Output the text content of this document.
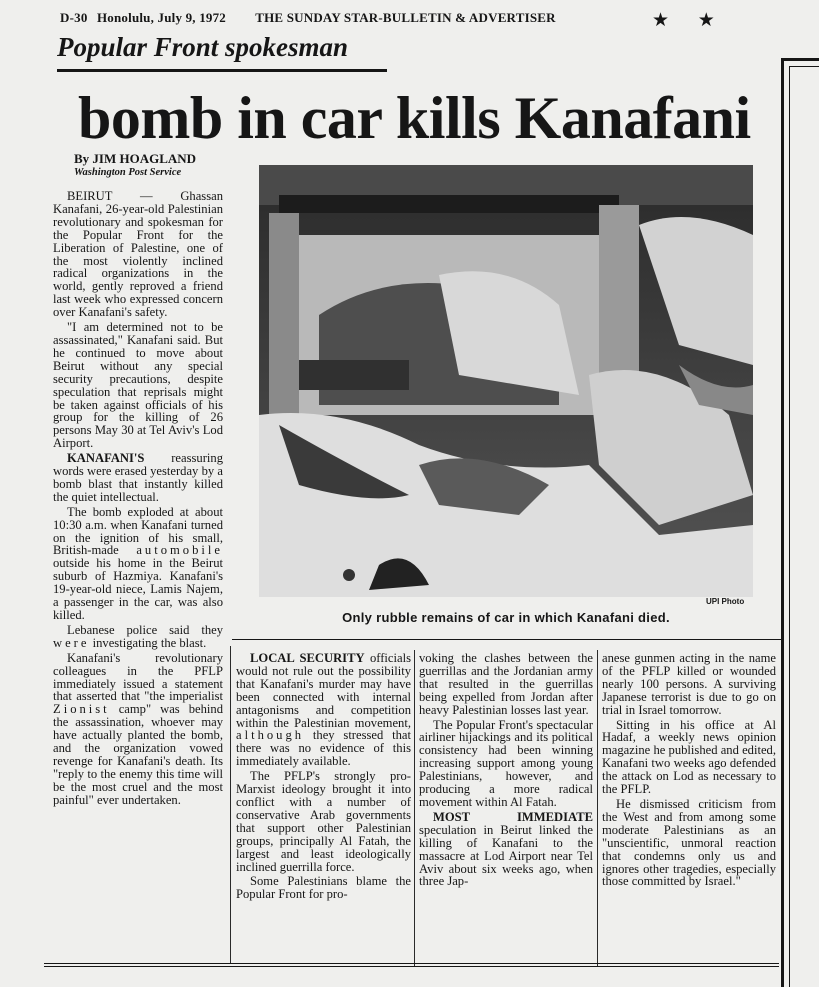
D-30 Honolulu, July 9, 1972 THE SUNDAY STAR-BULLETIN & ADVERTISER	★ ★
Popular Front spokesman
bomb in car kills Kanafani
By JIM HOAGLAND
Washington Post Service

BEIRUT — Ghassan Kanafani, 26-year-old Palestinian revolutionary and spokesman for the Popular Front for the Liberation of Palestine, one of the most violently inclined radical organizations in the world, gently reproved a friend last week who expressed concern over Kanafani's safety.

"I am determined not to be assassinated," Kanafani said. But he continued to move about Beirut without any special security precautions, despite speculation that reprisals might be taken against officials of his group for the killing of 26 persons May 30 at Tel Aviv's Lod Airport.

KANAFANI'S reassuring words were erased yesterday by a bomb blast that instantly killed the quiet intellectual.

The bomb exploded at about 10:30 a.m. when Kanafani turned on the ignition of his small, British-made automobile outside his home in the Beirut suburb of Hazmiya. Kanafani's 19-year-old niece, Lamis Najem, a passenger in the car, was also killed.

Lebanese police said they were investigating the blast.

Kanafani's revolutionary colleagues in the PFLP immediately issued a statement that asserted that "the imperialist Zionist camp" was behind the assassination, whoever may have actually planted the bomb, and the organization vowed revenge for Kanafani's death. Its "reply to the enemy this time will be the most cruel and the most painful" ever undertaken.

UPI Photo
Only rubble remains of car in which Kanafani died.

LOCAL SECURITY officials would not rule out the possibility that Kanafani's murder may have been connected with internal antagonisms and competition within the Palestinian movement, although they stressed that there was no evidence of this immediately available.

The PFLP's strongly pro-Marxist ideology brought it into conflict with a number of conservative Arab governments that support other Palestinian groups, principally Al Fatah, the largest and least ideologically inclined guerrilla force.

Some Palestinians blame the Popular Front for pro-

voking the clashes between the guerrillas and the Jordanian army that resulted in the guerrillas being expelled from Jordan after heavy Palestinian losses last year.

The Popular Front's spectacular airliner hijackings and its political consistency had been winning increasing support among young Palestinians, however, and producing a more radical movement within Al Fatah.

MOST IMMEDIATE speculation in Beirut linked the killing of Kanafani to the massacre at Lod Airport near Tel Aviv about six weeks ago, when three Jap-

anese gunmen acting in the name of the PFLP killed or wounded nearly 100 persons. A surviving Japanese terrorist is due to go on trial in Israel tomorrow.

Sitting in his office at Al Hadaf, a weekly news opinion magazine he published and edited, Kanafani two weeks ago defended the attack on Lod as necessary to the PFLP.

He dismissed criticism from the West and from among some moderate Palestinians as an "unscientific, unmoral reaction that condemns only us and ignores other tragedies, especially those committed by Israel."
